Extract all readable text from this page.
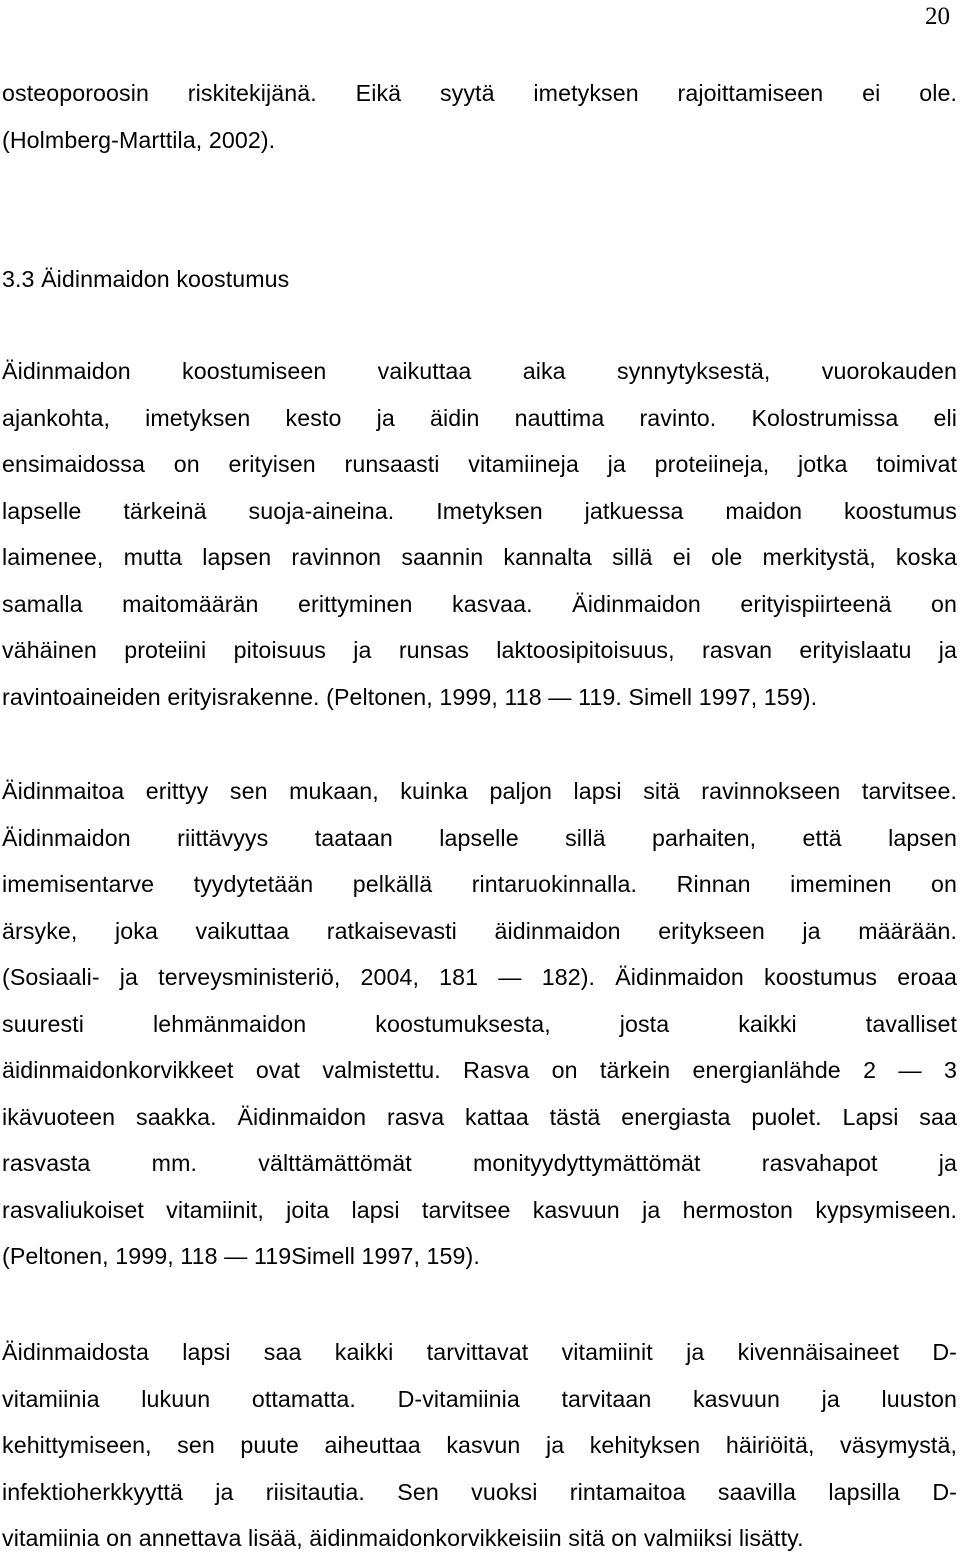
20
osteoporoosin riskitekijänä. Eikä syytä imetyksen rajoittamiseen ei ole.
(Holmberg-Marttila, 2002).
3.3 Äidinmaidon koostumus
Äidinmaidon koostumiseen vaikuttaa aika synnytyksestä, vuorokauden
ajankohta, imetyksen kesto ja äidin nauttima ravinto. Kolostrumissa eli
ensimaidossa on erityisen runsaasti vitamiineja ja proteiineja, jotka toimivat
lapselle tärkeinä suoja-aineina. Imetyksen jatkuessa maidon koostumus
laimenee, mutta lapsen ravinnon saannin kannalta sillä ei ole merkitystä, koska
samalla maitomäärän erittyminen kasvaa. Äidinmaidon erityispiirteenä on
vähäinen proteiini pitoisuus ja runsas laktoosipitoisuus, rasvan erityislaatu ja
ravintoaineiden erityisrakenne. (Peltonen, 1999, 118 — 119. Simell 1997, 159).
Äidinmaitoa erittyy sen mukaan, kuinka paljon lapsi sitä ravinnokseen tarvitsee.
Äidinmaidon riittävyys taataan lapselle sillä parhaiten, että lapsen
imemisentarve tyydytetään pelkällä rintaruokinnalla. Rinnan imeminen on
ärsyke, joka vaikuttaa ratkaisevasti äidinmaidon eritykseen ja määrään.
(Sosiaali- ja terveysministeriö, 2004, 181 — 182). Äidinmaidon koostumus eroaa
suuresti lehmänmaidon koostumuksesta, josta kaikki tavalliset
äidinmaidonkorvikkeet ovat valmistettu. Rasva on tärkein energianlähde 2 — 3
ikävuoteen saakka. Äidinmaidon rasva kattaa tästä energiasta puolet. Lapsi saa
rasvasta mm. välttämättömät monityydyttymättömät rasvahapot ja
rasvaliukoiset vitamiinit, joita lapsi tarvitsee kasvuun ja hermoston kypsymiseen.
(Peltonen, 1999, 118 — 119Simell 1997, 159).
Äidinmaidosta lapsi saa kaikki tarvittavat vitamiinit ja kivennäisaineet D-
vitamiinia lukuun ottamatta. D-vitamiinia tarvitaan kasvuun ja luuston
kehittymiseen, sen puute aiheuttaa kasvun ja kehityksen häiriöitä, väsymystä,
infektioherkkyyttä ja riisitautia. Sen vuoksi rintamaitoa saavilla lapsilla D-
vitamiinia on annettava lisää, äidinmaidonkorvikkeisiin sitä on valmiiksi lisätty.
